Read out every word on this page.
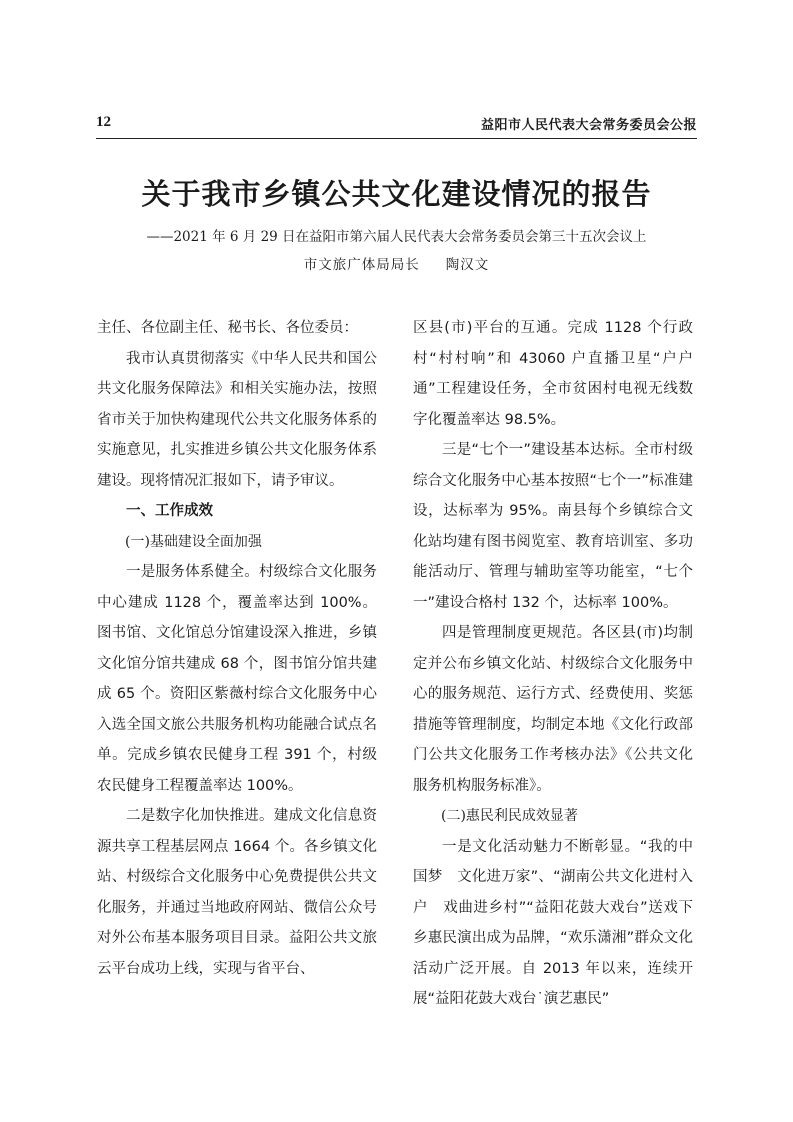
12	益阳市人民代表大会常务委员会公报
关于我市乡镇公共文化建设情况的报告
——2021 年 6 月 29 日在益阳市第六届人民代表大会常务委员会第三十五次会议上
市文旅广体局局长 陶汉文

主任、各位副主任、秘书长、各位委员：

我市认真贯彻落实《中华人民共和国公共文化服务保障法》和相关实施办法，按照省市关于加快构建现代公共文化服务体系的实施意见，扎实推进乡镇公共文化服务体系建设。现将情况汇报如下，请予审议。

一、工作成效

(一)基础建设全面加强

一是服务体系健全。村级综合文化服务中心建成 1128 个，覆盖率达到 100%。图书馆、文化馆总分馆建设深入推进，乡镇文化馆分馆共建成 68 个，图书馆分馆共建成 65 个。资阳区紫薇村综合文化服务中心入选全国文旅公共服务机构功能融合试点名单。完成乡镇农民健身工程 391 个，村级农民健身工程覆盖率达 100%。

二是数字化加快推进。建成文化信息资源共享工程基层网点 1664 个。各乡镇文化站、村级综合文化服务中心免费提供公共文化服务，并通过当地政府网站、微信公众号对外公布基本服务项目目录。益阳公共文旅云平台成功上线，实现与省平台、

区县(市)平台的互通。完成 1128 个行政村“村村响”和 43060 户直播卫星“户户通”工程建设任务，全市贫困村电视无线数字化覆盖率达 98.5%。

三是“七个一”建设基本达标。全市村级综合文化服务中心基本按照“七个一”标准建设，达标率为 95%。南县每个乡镇综合文化站均建有图书阅览室、教育培训室、多功能活动厅、管理与辅助室等功能室，“七个一”建设合格村 132 个，达标率 100%。

四是管理制度更规范。各区县(市)均制定并公布乡镇文化站、村级综合文化服务中心的服务规范、运行方式、经费使用、奖惩措施等管理制度，均制定本地《文化行政部门公共文化服务工作考核办法》《公共文化服务机构服务标准》。

(二)惠民利民成效显著

一是文化活动魅力不断彰显。“我的中国梦　文化进万家”、“湖南公共文化进村入户　戏曲进乡村”“益阳花鼓大戏台”送戏下乡惠民演出成为品牌，“欢乐潇湘”群众文化活动广泛开展。自 2013 年以来，连续开展“益阳花鼓大戏台˙演艺惠民”
